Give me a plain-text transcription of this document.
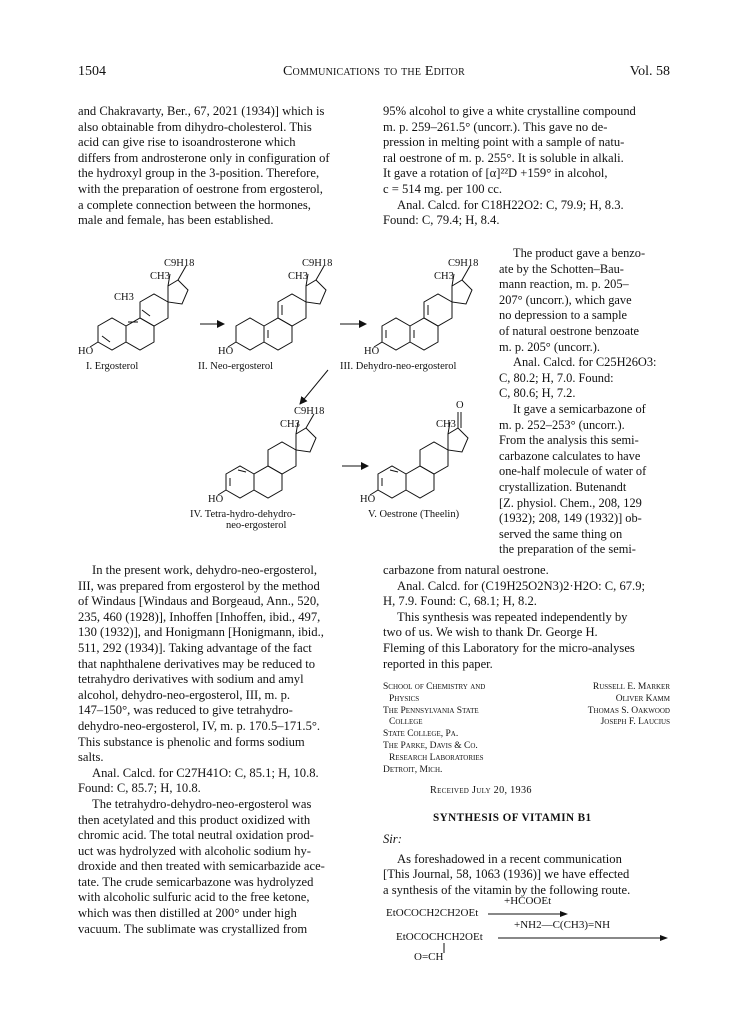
1504	Communications to the Editor	Vol. 58

and Chakravarty, Ber., 67, 2021 (1934)] which is

also obtainable from dihydro-cholesterol. This

acid can give rise to isoandrosterone which

differs from androsterone only in configuration of

the hydroxyl group in the 3-position. Therefore,

with the preparation of oestrone from ergosterol,

a complete connection between the hormones,

male and female, has been established.

95% alcohol to give a white crystalline compound

m. p. 259–261.5° (uncorr.). This gave no de-

pression in melting point with a sample of natu-

ral oestrone of m. p. 255°. It is soluble in alkali.

It gave a rotation of [α]²²D +159° in alcohol,

c = 514 mg. per 100 cc.

Anal. Calcd. for C18H22O2: C, 79.9; H, 8.3.

Found: C, 79.4; H, 8.4.

The product gave a benzo-

ate by the Schotten–Bau-

mann reaction, m. p. 205–

207° (uncorr.), which gave

no depression to a sample

of natural oestrone benzoate

m. p. 205° (uncorr.).

Anal. Calcd. for C25H26O3:

C, 80.2; H, 7.0. Found:

C, 80.6; H, 7.2.

It gave a semicarbazone of

m. p. 252–253° (uncorr.).

From the analysis this semi-

carbazone calculates to have

one-half molecule of water of

crystallization. Butenandt

[Z. physiol. Chem., 208, 129

(1932); 208, 149 (1932)] ob-

served the same thing on

the preparation of the semi-

C9H18
CH3
CH3
HO
C9H18
CH3
HO
C9H18
CH3
HO
I. Ergosterol	II. Neo-ergosterol	III. Dehydro-neo-ergosterol
C9H18
CH3
HO
O
CH3
HO
IV. Tetra-hydro-dehydro-
neo-ergosterol
V. Oestrone (Theelin)

In the present work, dehydro-neo-ergosterol,

III, was prepared from ergosterol by the method

of Windaus [Windaus and Borgeaud, Ann., 520,

235, 460 (1928)], Inhoffen [Inhoffen, ibid., 497,

130 (1932)], and Honigmann [Honigmann, ibid.,

511, 292 (1934)]. Taking advantage of the fact

that naphthalene derivatives may be reduced to

tetrahydro derivatives with sodium and amyl

alcohol, dehydro-neo-ergosterol, III, m. p.

147–150°, was reduced to give tetrahydro-

dehydro-neo-ergosterol, IV, m. p. 170.5–171.5°.

This substance is phenolic and forms sodium

salts.

Anal. Calcd. for C27H41O: C, 85.1; H, 10.8.

Found: C, 85.7; H, 10.8.

The tetrahydro-dehydro-neo-ergosterol was

then acetylated and this product oxidized with

chromic acid. The total neutral oxidation prod-

uct was hydrolyzed with alcoholic sodium hy-

droxide and then treated with semicarbazide ace-

tate. The crude semicarbazone was hydrolyzed

with alcoholic sulfuric acid to the free ketone,

which was then distilled at 200° under high

vacuum. The sublimate was crystallized from

carbazone from natural oestrone.

Anal. Calcd. for (C19H25O2N3)2·H2O: C, 67.9;

H, 7.9. Found: C, 68.1; H, 8.2.

This synthesis was repeated independently by

two of us. We wish to thank Dr. George H.

Fleming of this Laboratory for the micro-analyses

reported in this paper.

School of Chemistry and
Physics
The Pennsylvania State
College
State College, Pa.
The Parke, Davis & Co.
Research Laboratories
Detroit, Mich.
Russell E. Marker
Oliver Kamm
Thomas S. Oakwood
Joseph F. Laucius
Received July 20, 1936
SYNTHESIS OF VITAMIN B1

Sir:

As foreshadowed in a recent communication

[This Journal, 58, 1063 (1936)] we have effected

a synthesis of the vitamin by the following route.

EtOCOCH2CH2OEt
+HCOOEt
EtOCOCHCH2OEt
+NH2—C(CH3)=NH
O=CH
